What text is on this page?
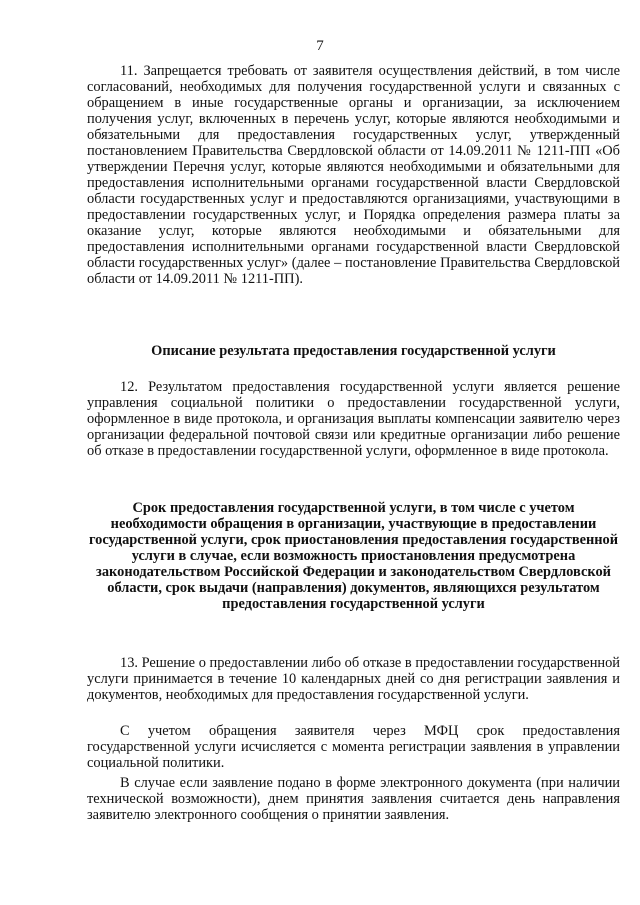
7

11. Запрещается требовать от заявителя осуществления действий, в том числе согласований, необходимых для получения государственной услуги и связанных с обращением в иные государственные органы и организации, за исключением получения услуг, включенных в перечень услуг, которые являются необходимыми и обязательными для предоставления государственных услуг, утвержденный постановлением Правительства Свердловской области от 14.09.2011 № 1211-ПП «Об утверждении Перечня услуг, которые являются необходимыми и обязательными для предоставления исполнительными органами государственной власти Свердловской области государственных услуг и предоставляются организациями, участвующими в предоставлении государственных услуг, и Порядка определения размера платы за оказание услуг, которые являются необходимыми и обязательными для предоставления исполнительными органами государственной власти Свердловской области государственных услуг» (далее – постановление Правительства Свердловской области от 14.09.2011 № 1211-ПП).

Описание результата предоставления государственной услуги

12. Результатом предоставления государственной услуги является решение управления социальной политики о предоставлении государственной услуги, оформленное в виде протокола, и организация выплаты компенсации заявителю через организации федеральной почтовой связи или кредитные организации либо решение об отказе в предоставлении государственной услуги, оформленное в виде протокола.

Срок предоставления государственной услуги, в том числе с учетом необходимости обращения в организации, участвующие в предоставлении государственной услуги, срок приостановления предоставления государственной услуги в случае, если возможность приостановления предусмотрена законодательством Российской Федерации и законодательством Свердловской области, срок выдачи (направления) документов, являющихся результатом предоставления государственной услуги

13. Решение о предоставлении либо об отказе в предоставлении государственной услуги принимается в течение 10 календарных дней со дня регистрации заявления и документов, необходимых для предоставления государственной услуги.

С учетом обращения заявителя через МФЦ срок предоставления государственной услуги исчисляется с момента регистрации заявления в управлении социальной политики.

В случае если заявление подано в форме электронного документа (при наличии технической возможности), днем принятия заявления считается день направления заявителю электронного сообщения о принятии заявления.
